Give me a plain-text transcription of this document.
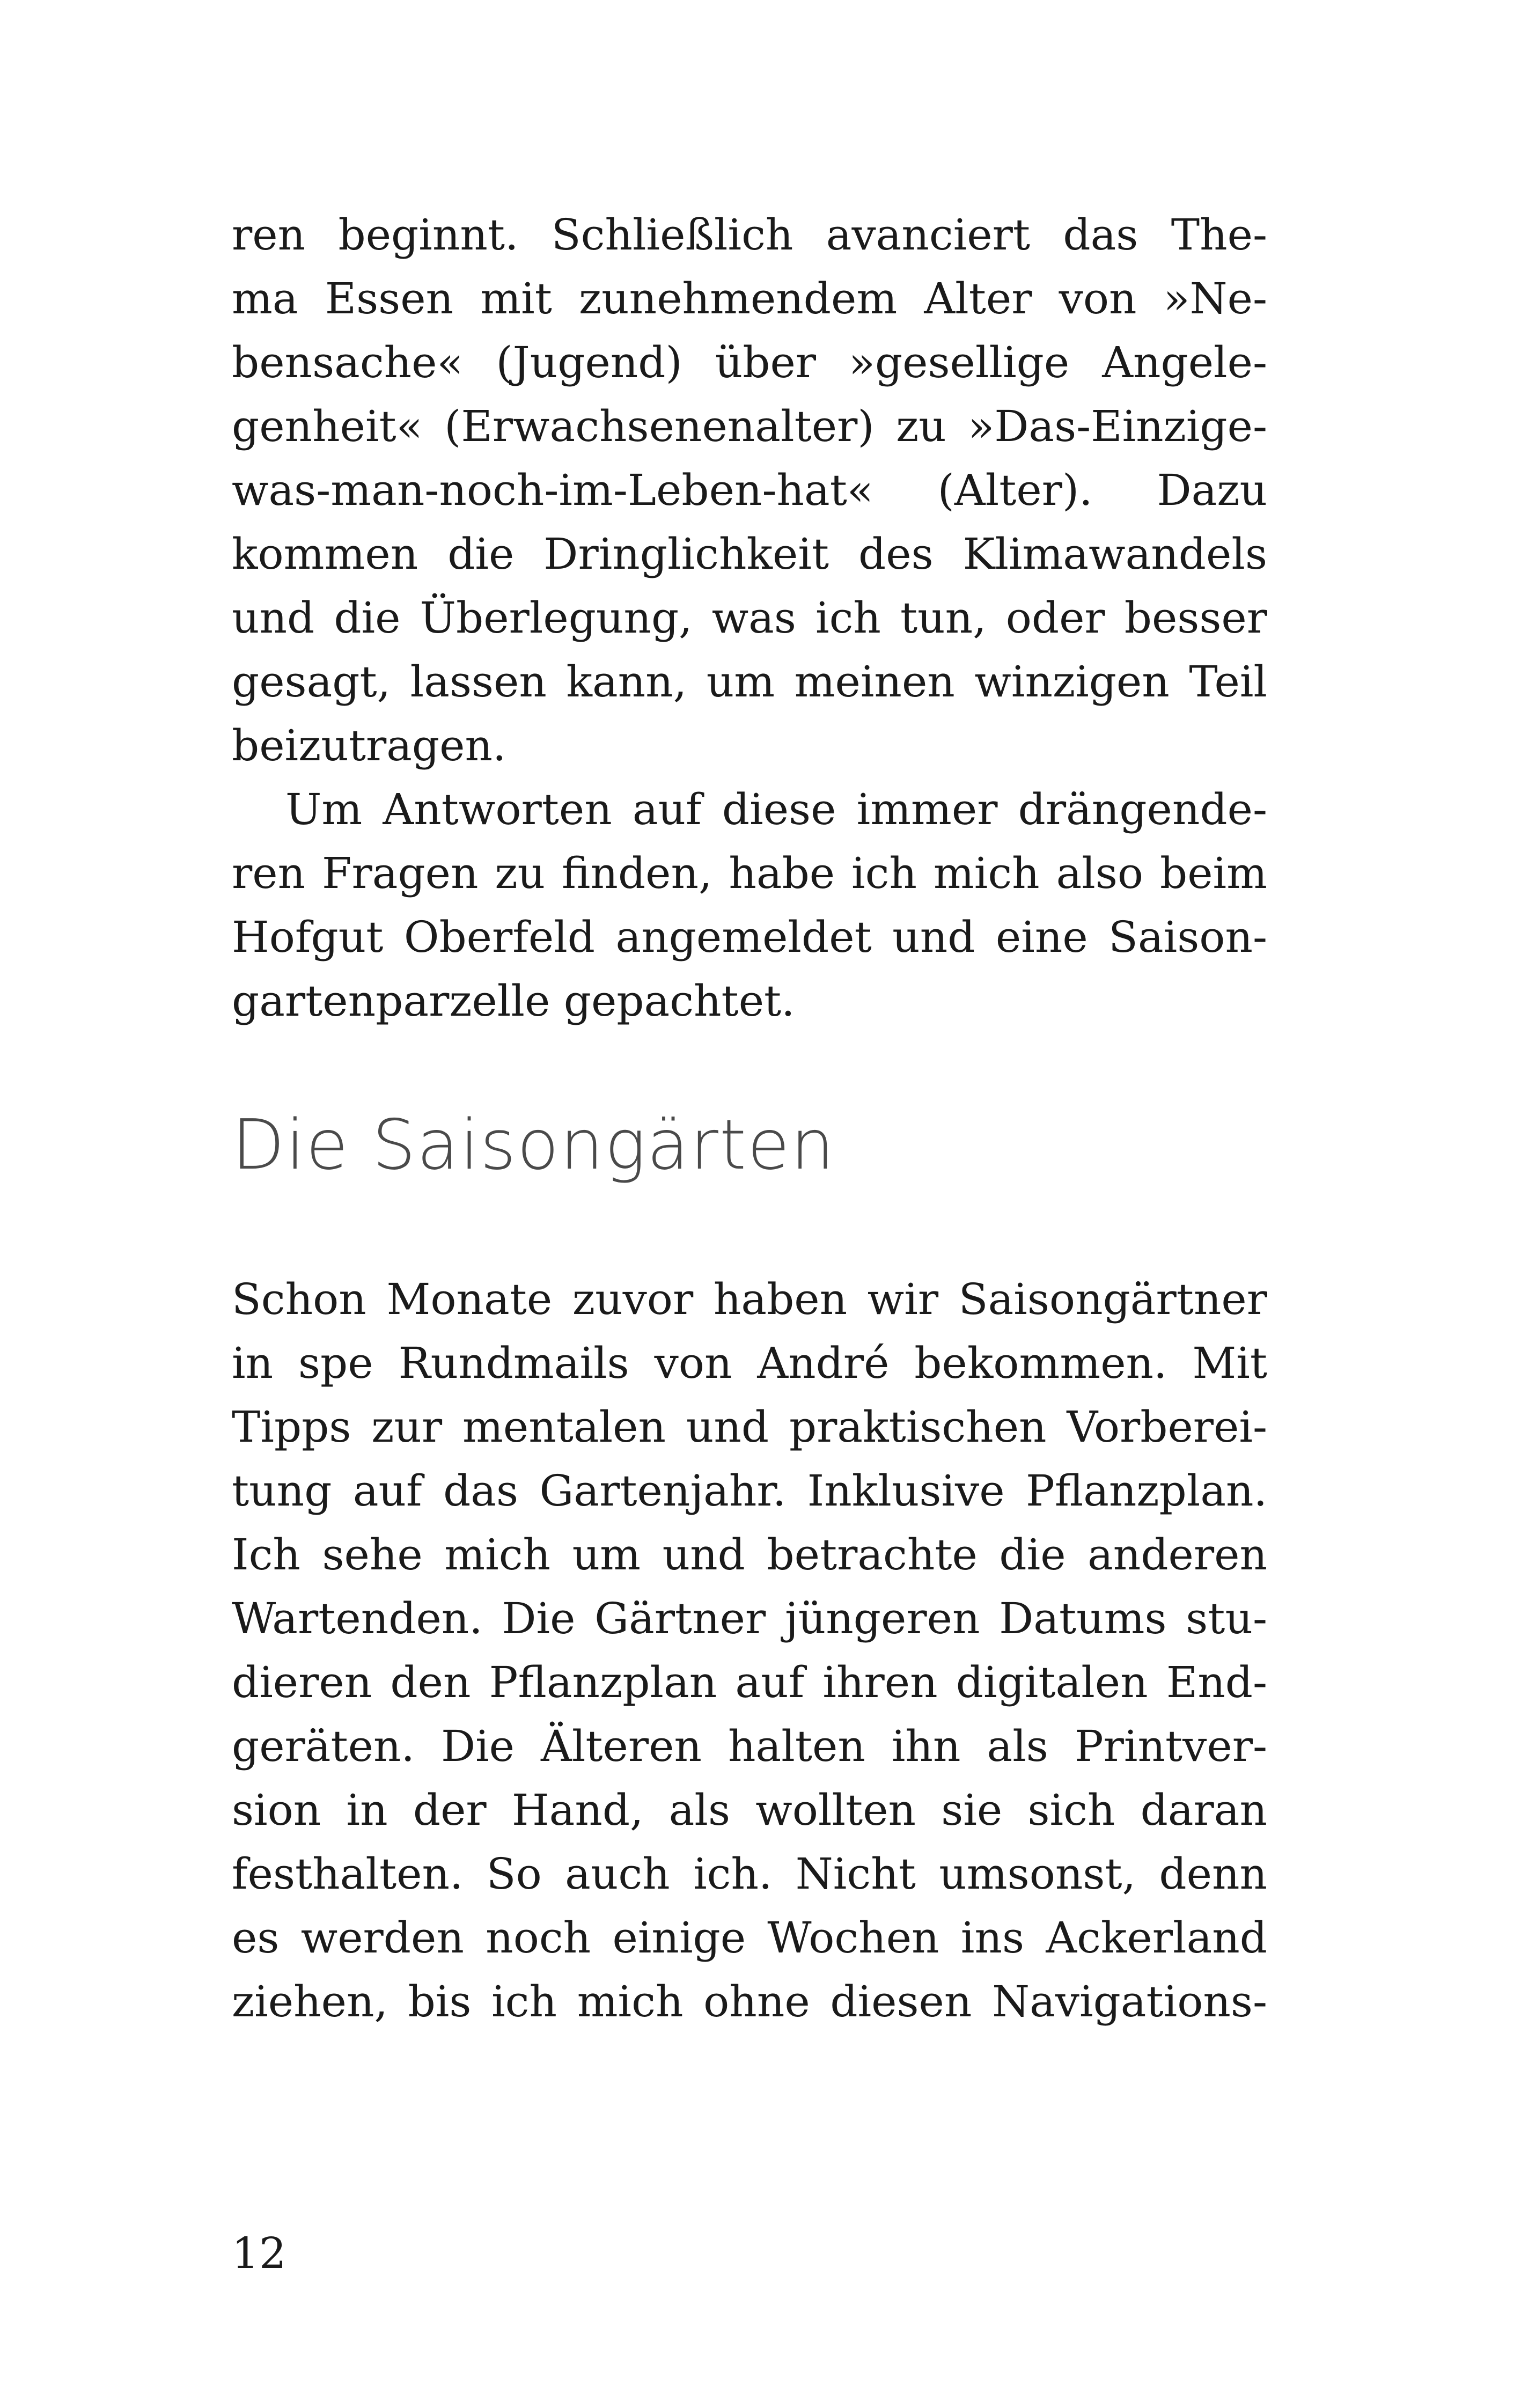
ren beginnt. Schließlich avanciert das The-
ma Essen mit zunehmendem Alter von »Ne-
bensache« (Jugend) über »gesellige Angele-
genheit« (Erwachsenenalter) zu »Das-Einzige-
was-man-noch-im-Leben-hat« (Alter). Dazu
kommen die Dringlichkeit des Klimawandels
und die Überlegung, was ich tun, oder besser
gesagt, lassen kann, um meinen winzigen Teil
beizutragen.
Um Antworten auf diese immer drängende-
ren Fragen zu finden, habe ich mich also beim
Hofgut Oberfeld angemeldet und eine Saison-
gartenparzelle gepachtet.
Die Saisongärten
Schon Monate zuvor haben wir Saisongärtner
in spe Rundmails von André bekommen. Mit
Tipps zur mentalen und praktischen Vorberei-
tung auf das Gartenjahr. Inklusive Pflanzplan.
Ich sehe mich um und betrachte die anderen
Wartenden. Die Gärtner jüngeren Datums stu-
dieren den Pflanzplan auf ihren digitalen End-
geräten. Die Älteren halten ihn als Printver-
sion in der Hand, als wollten sie sich daran
festhalten. So auch ich. Nicht umsonst, denn
es werden noch einige Wochen ins Ackerland
ziehen, bis ich mich ohne diesen Navigations-
12
